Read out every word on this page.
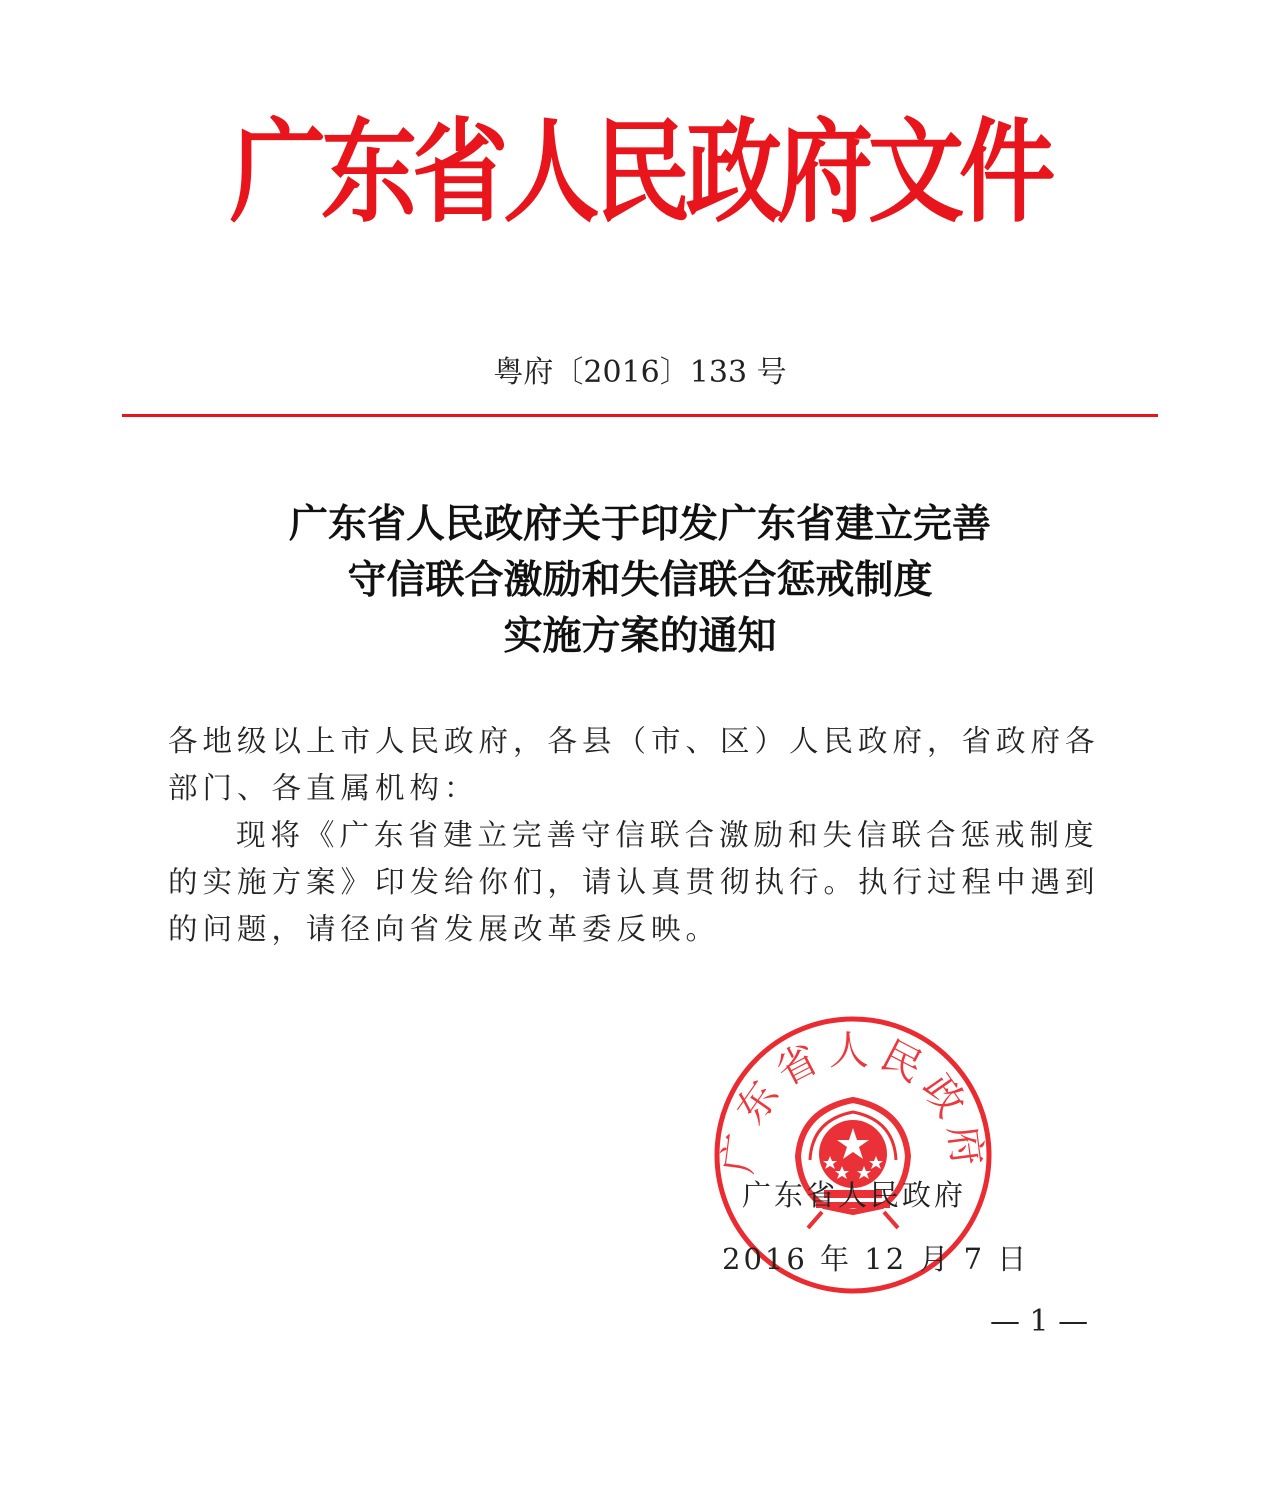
广东省人民政府文件
粤府〔2016〕133 号
广东省人民政府关于印发广东省建立完善
守信联合激励和失信联合惩戒制度
实施方案的通知

各地级以上市人民政府，各县（市、区）人民政府，省政府各部门、各直属机构：

现将《广东省建立完善守信联合激励和失信联合惩戒制度的实施方案》印发给你们，请认真贯彻执行。执行过程中遇到的问题，请径向省发展改革委反映。

广东省人民政府
广东省人民政府
2016 年 12 月 7 日
— 1 —
